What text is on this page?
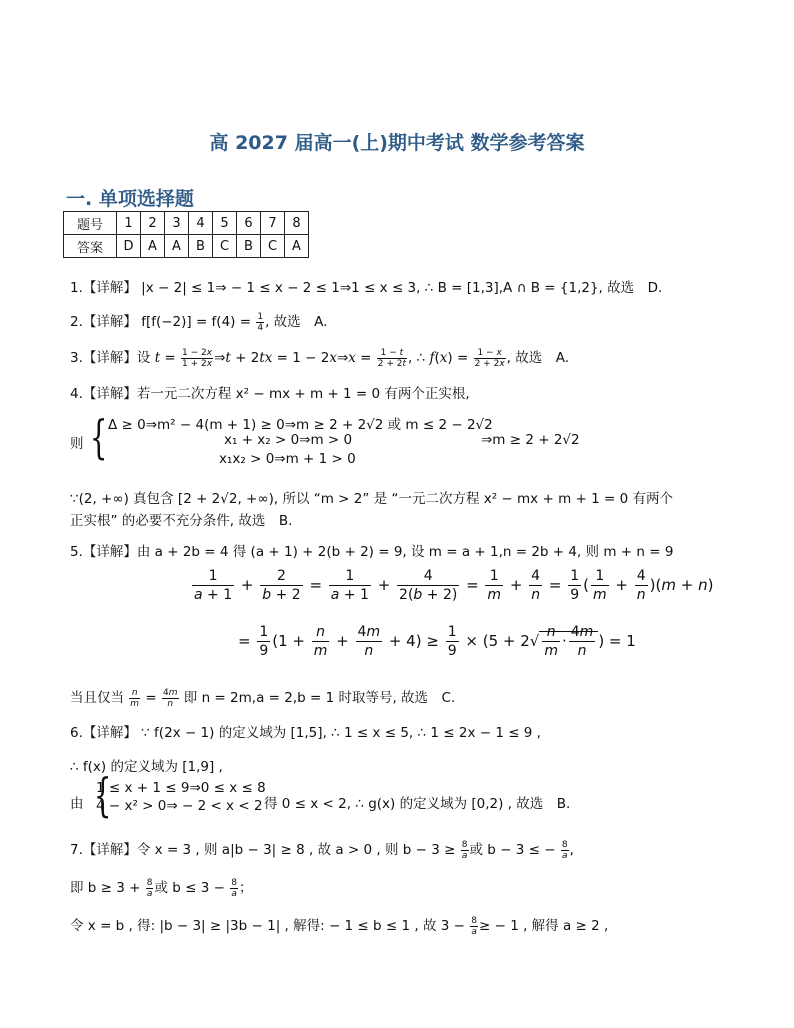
高 2027 届高一(上)期中考试 数学参考答案
一. 单项选择题
题号	1	2	3	4	5	6	7	8
答案	D	A	A	B	C	B	C	A
1.【详解】 |x − 2| ≤ 1⇒ − 1 ≤ x − 2 ≤ 1⇒1 ≤ x ≤ 3, ∴ B = [1,3],A ∩ B = {1,2}, 故选　D.
2.【详解】 $f[f(-2)] = f(4) = \frac{1}{4}$ , 故选　A.
3.【详解】设 $t = \frac{1 - 2x}{1 + 2x}$ ⇒t + 2tx = 1 − 2x⇒x = $\frac{1 - t}{2 + 2t}$ , ∴ $f(x) = \frac{1 - x}{2 + 2x}$ , 故选　A.
4.【详解】若一元二次方程 x² − mx + m + 1 = 0 有两个正实根,
则 { Δ ≥ 0⇒m² − 4(m + 1) ≥ 0⇒m ≥ 2 + 2√2 或 m ≤ 2 − 2√2
x₁ + x₂ > 0⇒m > 0
x₁x₂ > 0⇒m + 1 > 0
⇒m ≥ 2 + 2√2
∵(2, +∞) 真包含 [2 + 2√2, +∞), 所以 “m > 2” 是 “一元二次方程 x² − mx + m + 1 = 0 有两个
正实根” 的必要不充分条件, 故选　B.
5.【详解】由 a + 2b = 4 得 (a + 1) + 2(b + 2) = 9, 设 m = a + 1,n = 2b + 4, 则 m + n = 9
$\frac{1}{a + 1} + \frac{2}{b + 2} = \frac{1}{a + 1} + \frac{4}{2(b + 2)} = \frac{1}{m} + \frac{4}{n} = \frac{1}{9}$ ( $\frac{1}{m} + \frac{4}{n} )(m + n)$
= $\frac{1}{9} (1 + \frac{n}{m} + \frac{4m}{n} + 4) \ge \frac{1}{9} \times (5 + 2√ \frac{n}{m} \cdot \frac{4m}{n}$ ) = 1
当且仅当 $\frac{n}{m} = \frac{4m}{n}$ 即 n = 2m,a = 2,b = 1 时取等号, 故选　C.
6.【详解】 ∵ f(2x − 1) 的定义域为 [1,5], ∴ 1 ≤ x ≤ 5, ∴ 1 ≤ 2x − 1 ≤ 9 ,
∴ f(x) 的定义域为 [1,9] ,
由 {
1 ≤ x + 1 ≤ 9⇒0 ≤ x ≤ 8
4 − x² > 0⇒ − 2 < x < 2 得 0 ≤ x < 2, ∴ g(x) 的定义域为 [0,2) , 故选　B.
7.【详解】令 x = 3 , 则 a|b − 3| ≥ 8 , 故 a > 0 , 则 $b - 3 \ge \frac{8}{a}$ 或 b − 3 ≤ − $\frac{8}{a}$ ,
即 $b \ge 3 + \frac{8}{a}$ 或 $b \le 3 - \frac{8}{a}$ ；
令 x = b , 得: |b − 3| ≥ |3b − 1| , 解得: − 1 ≤ b ≤ 1 , 故 $3 - \frac{8}{a}$ ≥ − 1 , 解得 a ≥ 2 ,
